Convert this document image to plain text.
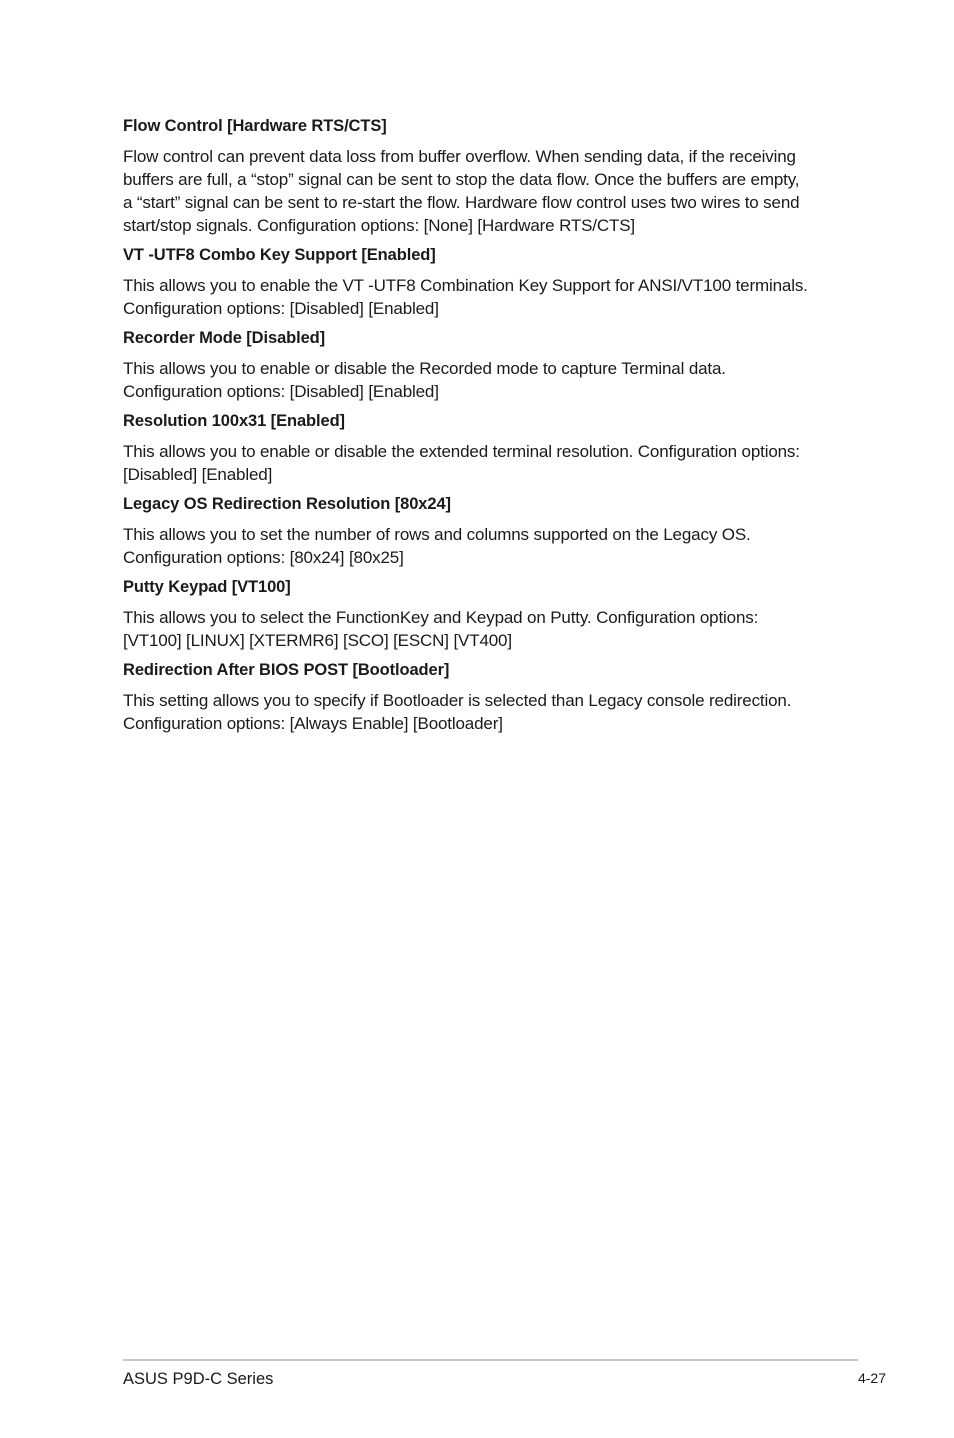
Flow Control [Hardware RTS/CTS]
Flow control can prevent data loss from buffer overflow. When sending data, if the receiving
buffers are full, a “stop” signal can be sent to stop the data flow. Once the buffers are empty,
a “start” signal can be sent to re-start the flow. Hardware flow control uses two wires to send
start/stop signals. Configuration options: [None] [Hardware RTS/CTS]
VT -UTF8 Combo Key Support [Enabled]
This allows you to enable the VT -UTF8 Combination Key Support for ANSI/VT100 terminals.
Configuration options: [Disabled] [Enabled]
Recorder Mode [Disabled]
This allows you to enable or disable the Recorded mode to capture Terminal data.
Configuration options: [Disabled] [Enabled]
Resolution 100x31 [Enabled]
This allows you to enable or disable the extended terminal resolution. Configuration options:
[Disabled] [Enabled]
Legacy OS Redirection Resolution [80x24]
This allows you to set the number of rows and columns supported on the Legacy OS.
Configuration options: [80x24] [80x25]
Putty Keypad [VT100]
This allows you to select the FunctionKey and Keypad on Putty. Configuration options:
[VT100] [LINUX] [XTERMR6] [SCO] [ESCN] [VT400]
Redirection After BIOS POST [Bootloader]
This setting allows you to specify if Bootloader is selected than Legacy console redirection.
Configuration options: [Always Enable] [Bootloader]
ASUS P9D-C Series	4-27
